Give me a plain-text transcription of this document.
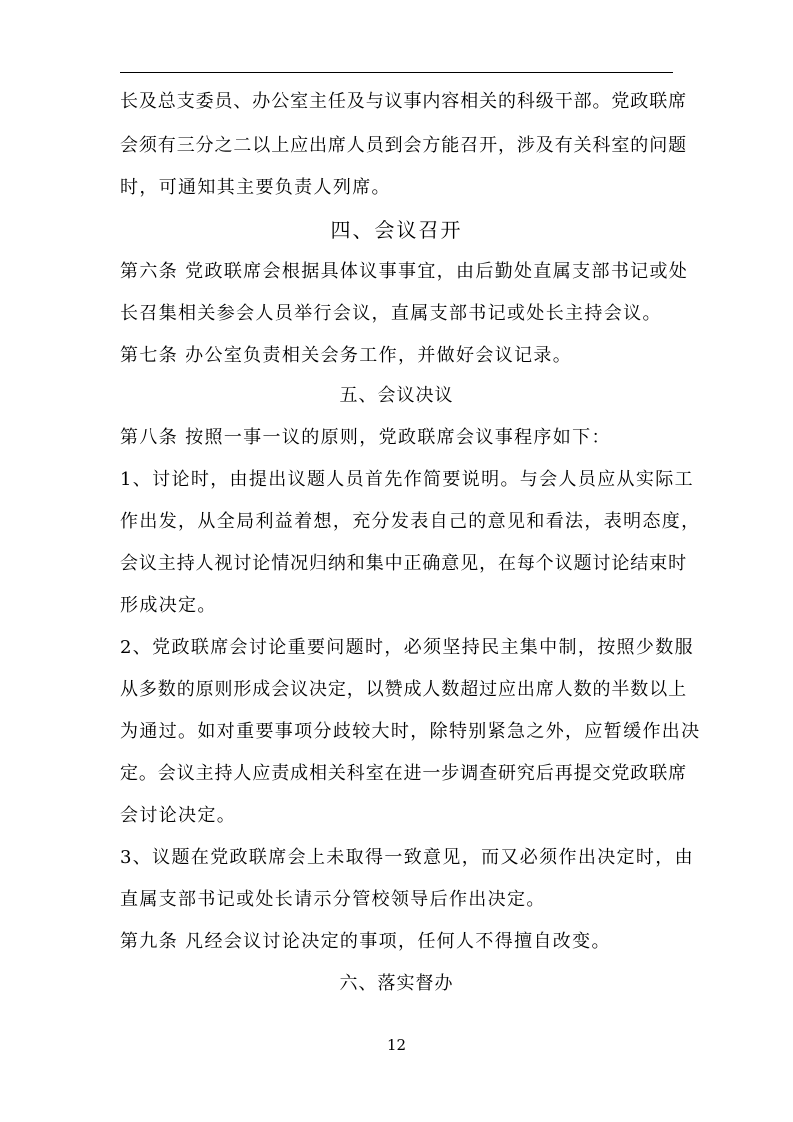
长及总支委员、办公室主任及与议事内容相关的科级干部。党政联席
会须有三分之二以上应出席人员到会方能召开，涉及有关科室的问题
时，可通知其主要负责人列席。
四、会议召开
第六条 党政联席会根据具体议事事宜，由后勤处直属支部书记或处
长召集相关参会人员举行会议，直属支部书记或处长主持会议。
第七条 办公室负责相关会务工作，并做好会议记录。
五、会议决议
第八条 按照一事一议的原则，党政联席会议事程序如下：
1、讨论时，由提出议题人员首先作简要说明。与会人员应从实际工
作出发，从全局利益着想，充分发表自己的意见和看法，表明态度，
会议主持人视讨论情况归纳和集中正确意见，在每个议题讨论结束时
形成决定。
2、党政联席会讨论重要问题时，必须坚持民主集中制，按照少数服
从多数的原则形成会议决定，以赞成人数超过应出席人数的半数以上
为通过。如对重要事项分歧较大时，除特别紧急之外，应暂缓作出决
定。会议主持人应责成相关科室在进一步调查研究后再提交党政联席
会讨论决定。
3、议题在党政联席会上未取得一致意见，而又必须作出决定时，由
直属支部书记或处长请示分管校领导后作出决定。
第九条 凡经会议讨论决定的事项，任何人不得擅自改变。
六、落实督办
12
